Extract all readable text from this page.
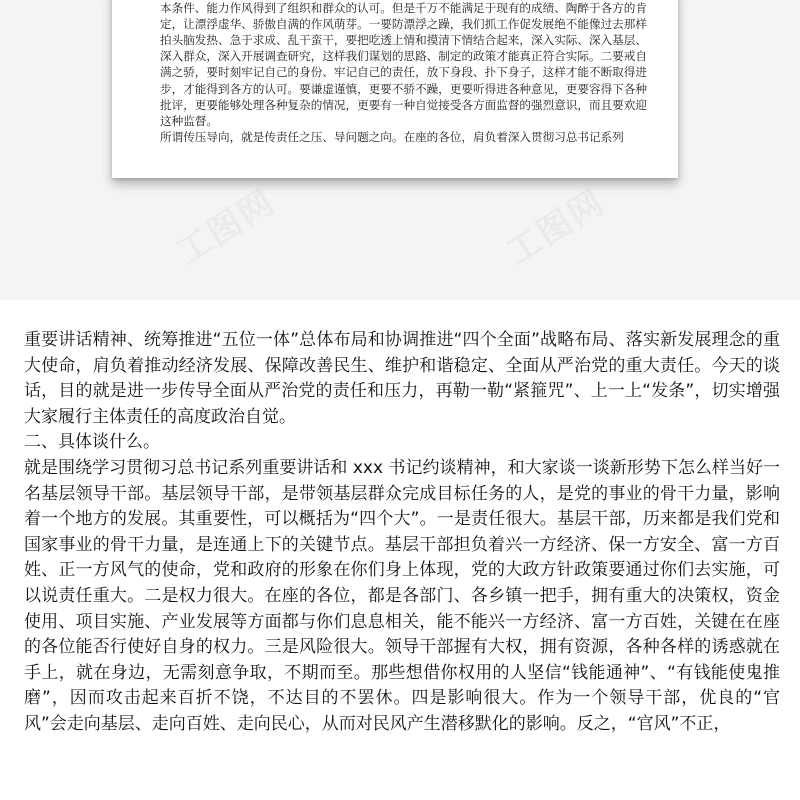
本条件、能力作风得到了组织和群众的认可。但是千万不能满足于现有的成绩、陶醉于各方的肯定，让漂浮虚华、骄傲自满的作风萌芽。一要防漂浮之躁，我们抓工作促发展绝不能像过去那样拍头脑发热、急于求成、乱干蛮干，要把吃透上情和摸清下情结合起来，深入实际、深入基层、深入群众，深入开展调查研究，这样我们谋划的思路、制定的政策才能真正符合实际。二要戒自满之骄，要时刻牢记自己的身份、牢记自己的责任，放下身段、扑下身子，这样才能不断取得进步，才能得到各方的认可。要谦虚谨慎，更要不骄不躁，更要听得进各种意见，更要容得下各种批评，更要能够处理各种复杂的情况，更要有一种自觉接受各方面监督的强烈意识，而且要欢迎这种监督。

所谓传压导向，就是传责任之压、导问题之向。在座的各位，肩负着深入贯彻习总书记系列

工图网	工图网
工图网

重要讲话精神、统筹推进“五位一体”总体布局和协调推进“四个全面”战略布局、落实新发展理念的重大使命，肩负着推动经济发展、保障改善民生、维护和谐稳定、全面从严治党的重大责任。今天的谈话，目的就是进一步传导全面从严治党的责任和压力，再勒一勒“紧箍咒”、上一上“发条”，切实增强大家履行主体责任的高度政治自觉。

二、具体谈什么。

就是围绕学习贯彻习总书记系列重要讲话和 xxx 书记约谈精神，和大家谈一谈新形势下怎么样当好一名基层领导干部。基层领导干部，是带领基层群众完成目标任务的人，是党的事业的骨干力量，影响着一个地方的发展。其重要性，可以概括为“四个大”。一是责任很大。基层干部，历来都是我们党和国家事业的骨干力量，是连通上下的关键节点。基层干部担负着兴一方经济、保一方安全、富一方百姓、正一方风气的使命，党和政府的形象在你们身上体现，党的大政方针政策要通过你们去实施，可以说责任重大。二是权力很大。在座的各位，都是各部门、各乡镇一把手，拥有重大的决策权，资金使用、项目实施、产业发展等方面都与你们息息相关，能不能兴一方经济、富一方百姓，关键在在座的各位能否行使好自身的权力。三是风险很大。领导干部握有大权，拥有资源，各种各样的诱惑就在手上，就在身边，无需刻意争取，不期而至。那些想借你权用的人坚信“钱能通神”、“有钱能使鬼推磨”，因而攻击起来百折不饶，不达目的不罢休。四是影响很大。作为一个领导干部，优良的“官风”会走向基层、走向百姓、走向民心，从而对民风产生潜移默化的影响。反之，“官风”不正，
